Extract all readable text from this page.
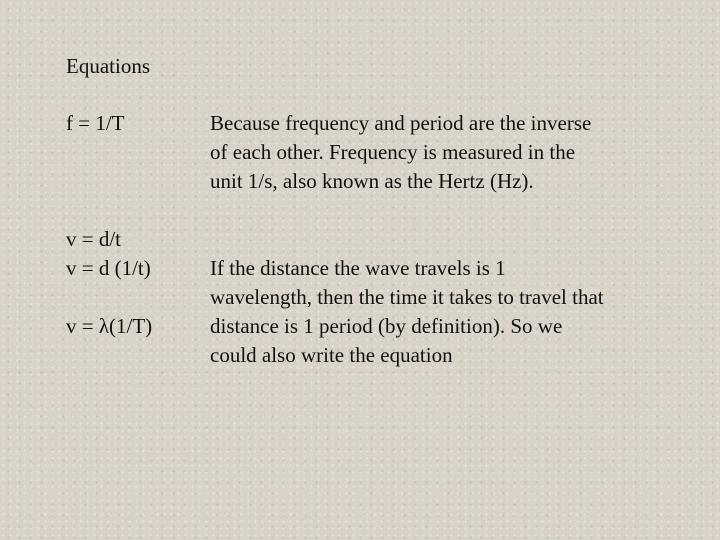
Equations
f = 1/T	Because frequency and period are the inverse
of each other. Frequency is measured in the
unit 1/s, also known as the Hertz (Hz).
v = d/t
v = d (1/t)
v = λ(1/T)
If the distance the wave travels is 1
wavelength, then the time it takes to travel that
distance is 1 period (by definition). So we
could also write the equation
